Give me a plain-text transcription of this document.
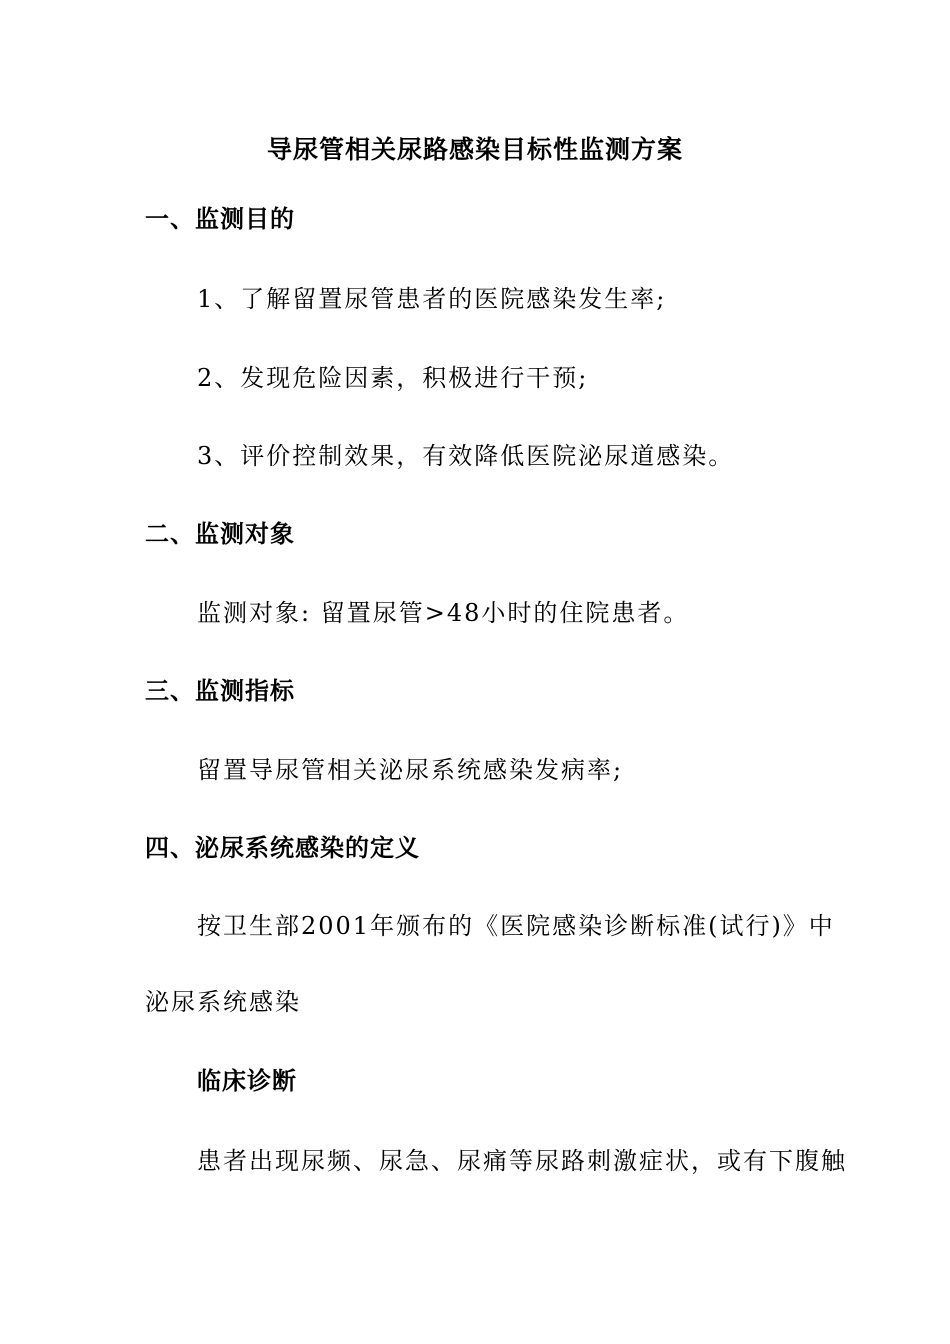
导尿管相关尿路感染目标性监测方案
一、监测目的
1、了解留置尿管患者的医院感染发生率;
2、发现危险因素，积极进行干预;
3、评价控制效果，有效降低医院泌尿道感染。
二、监测对象
监测对象: 留置尿管>48小时的住院患者。
三、监测指标
留置导尿管相关泌尿系统感染发病率;
四、泌尿系统感染的定义
按卫生部2001年颁布的《医院感染诊断标准(试行)》中
泌尿系统感染
临床诊断
患者出现尿频、尿急、尿痛等尿路刺激症状，或有下腹触
